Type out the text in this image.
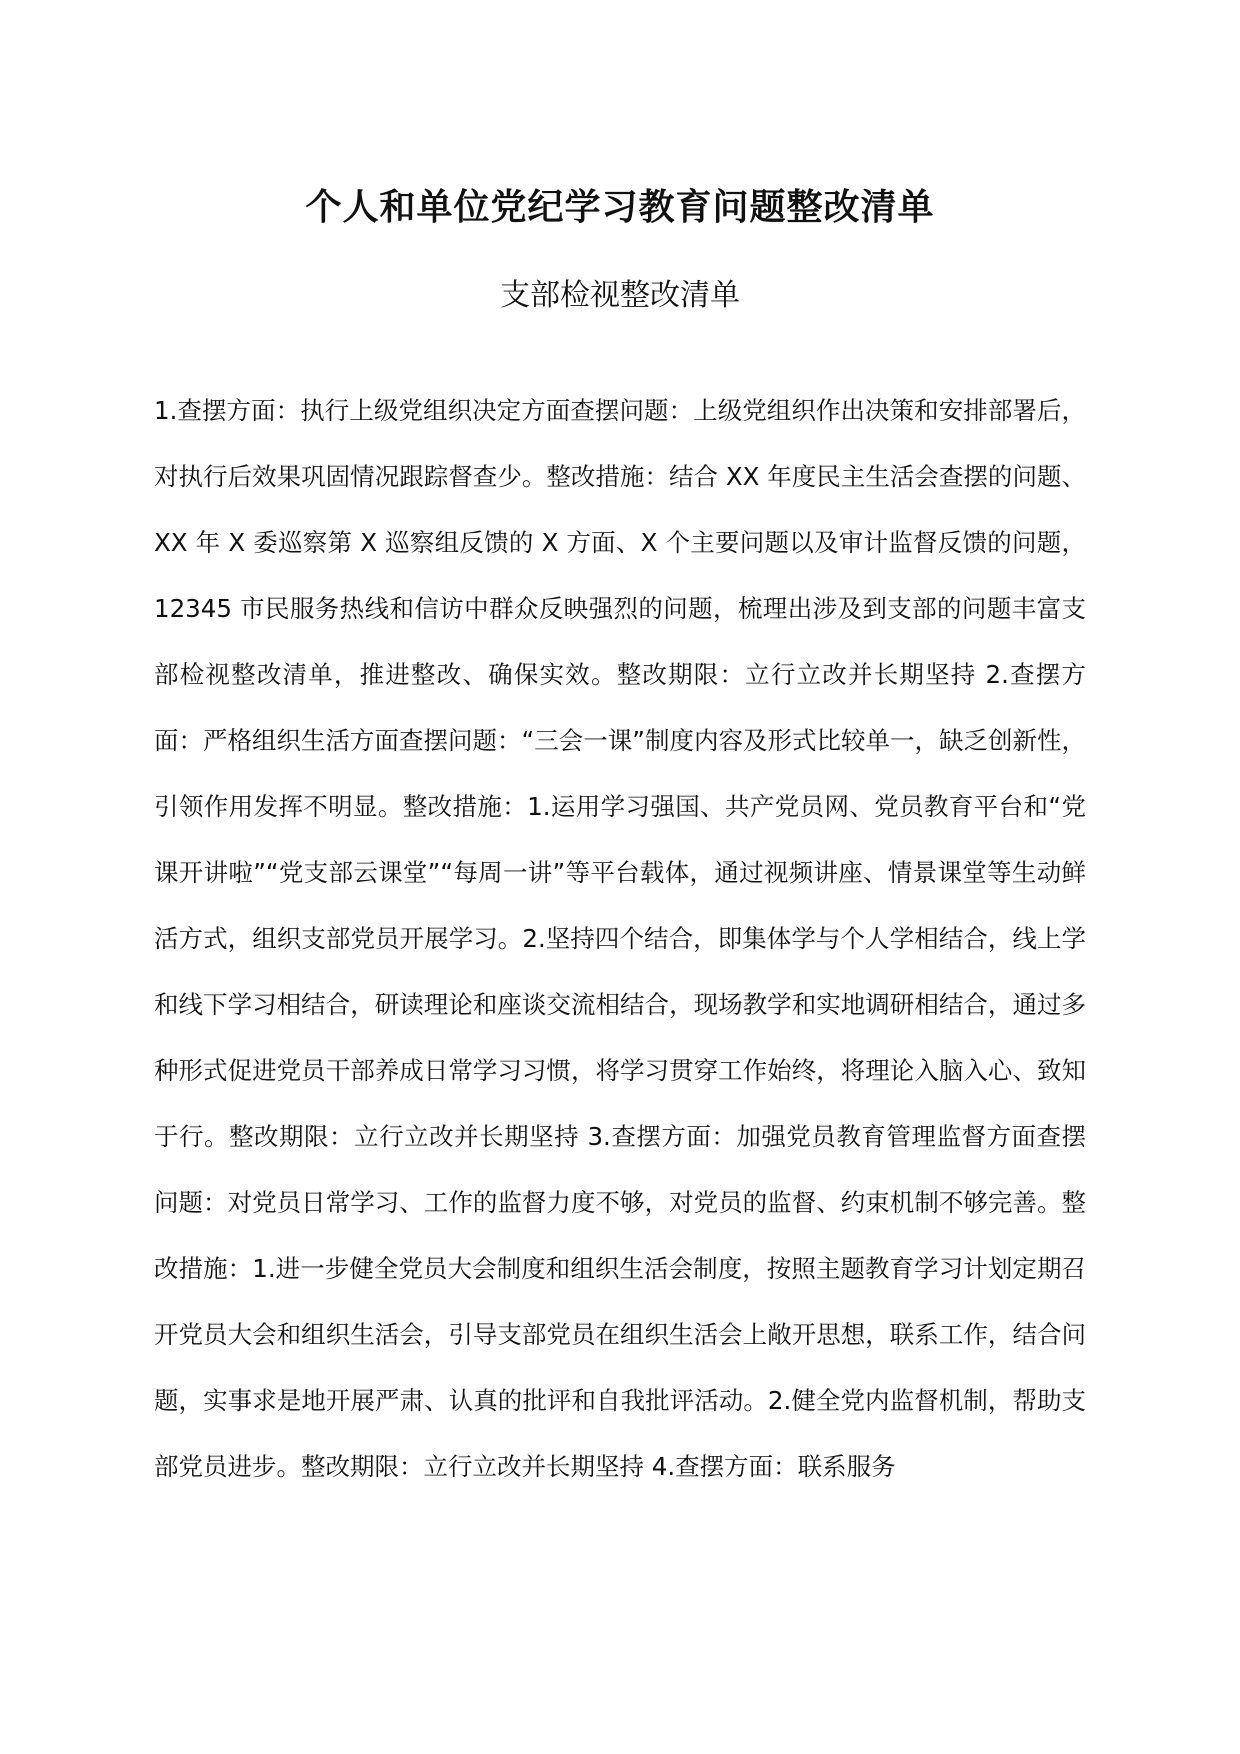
个人和单位党纪学习教育问题整改清单
支部检视整改清单
1.查摆方面：执行上级党组织决定方面查摆问题：上级党组织作出决策和安排部署后，对执行后效果巩固情况跟踪督查少。整改措施：结合 XX 年度民主生活会查摆的问题、XX 年 X 委巡察第 X 巡察组反馈的 X 方面、X 个主要问题以及审计监督反馈的问题，12345 市民服务热线和信访中群众反映强烈的问题，梳理出涉及到支部的问题丰富支部检视整改清单，推进整改、确保实效。整改期限：立行立改并长期坚持 2.查摆方面：严格组织生活方面查摆问题：“三会一课”制度内容及形式比较单一，缺乏创新性，引领作用发挥不明显。整改措施：1.运用学习强国、共产党员网、党员教育平台和“党课开讲啦”“党支部云课堂”“每周一讲”等平台载体，通过视频讲座、情景课堂等生动鲜活方式，组织支部党员开展学习。2.坚持四个结合，即集体学与个人学相结合，线上学和线下学习相结合，研读理论和座谈交流相结合，现场教学和实地调研相结合，通过多种形式促进党员干部养成日常学习习惯，将学习贯穿工作始终，将理论入脑入心、致知于行。整改期限：立行立改并长期坚持 3.查摆方面：加强党员教育管理监督方面查摆问题：对党员日常学习、工作的监督力度不够，对党员的监督、约束机制不够完善。整改措施：1.进一步健全党员大会制度和组织生活会制度，按照主题教育学习计划定期召开党员大会和组织生活会，引导支部党员在组织生活会上敞开思想，联系工作，结合问题，实事求是地开展严肃、认真的批评和自我批评活动。2.健全党内监督机制，帮助支部党员进步。整改期限：立行立改并长期坚持 4.查摆方面：联系服务
